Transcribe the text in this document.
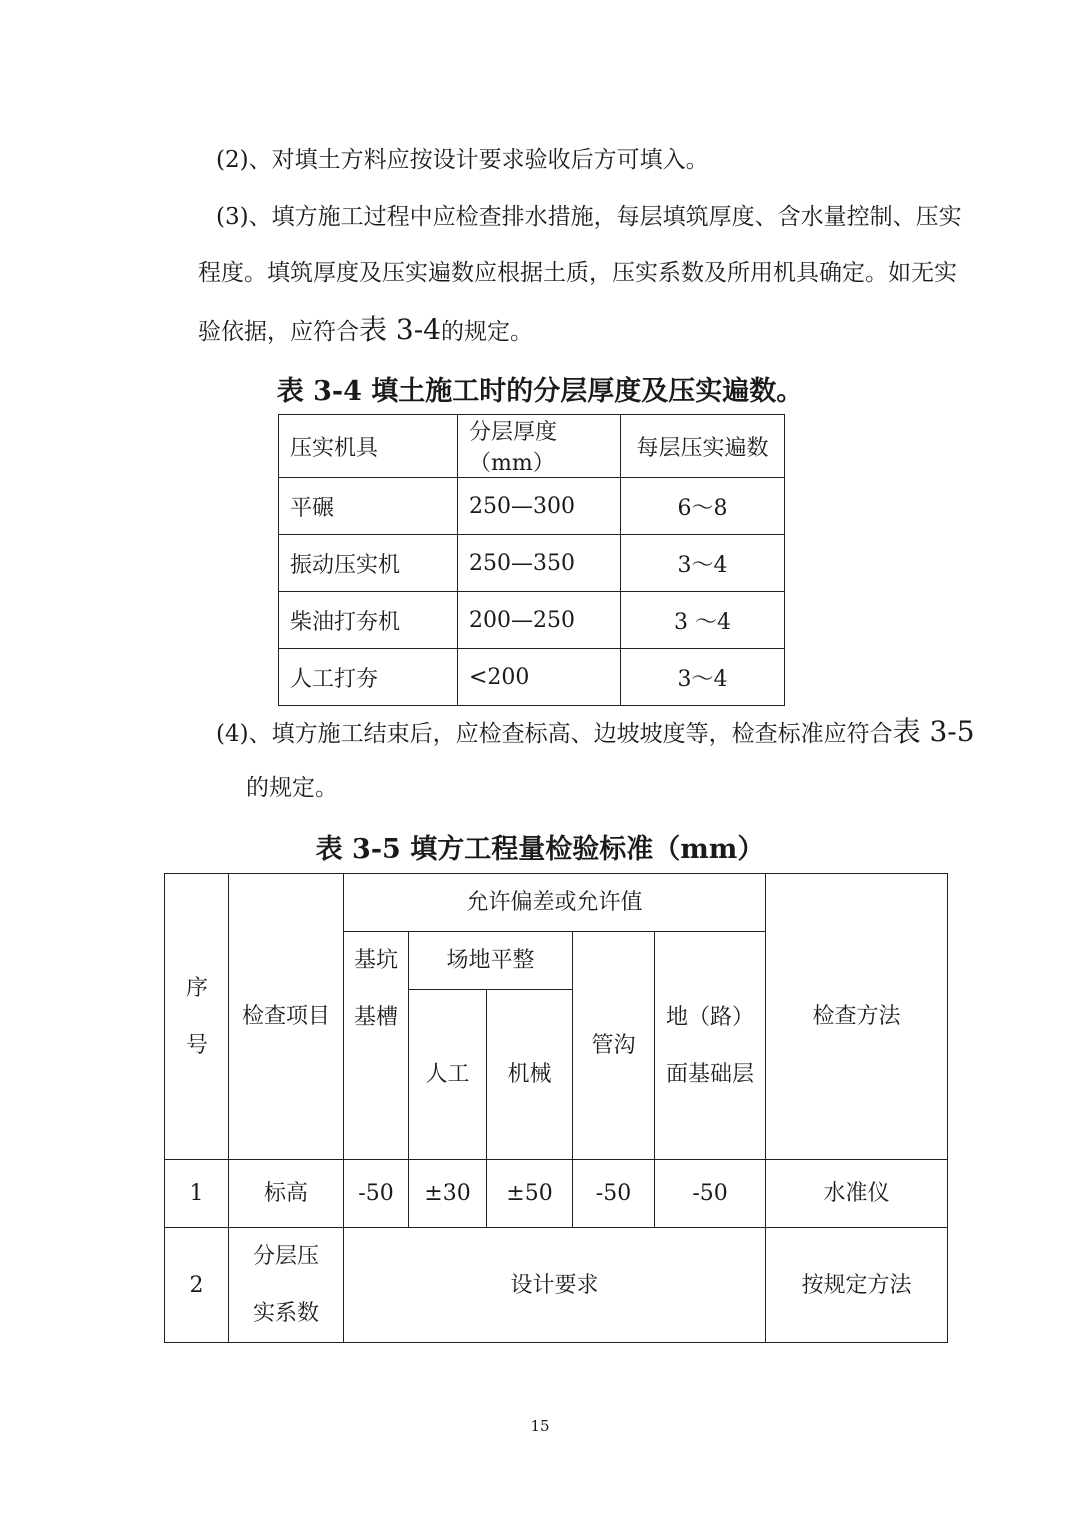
(2)、对填土方料应按设计要求验收后方可填入。

(3)、填方施工过程中应检查排水措施，每层填筑厚度、含水量控制、压实

程度。填筑厚度及压实遍数应根据土质，压实系数及所用机具确定。如无实

验依据，应符合表 3-4的规定。

表 3-4 填土施工时的分层厚度及压实遍数。
压实机具	分层厚度（mm）	每层压实遍数
平碾	250—300	6～8
振动压实机	250—350	3～4
柴油打夯机	200—250	3 ～4
人工打夯	<200	3～4

(4)、填方施工结束后，应检查标高、边坡坡度等，检查标准应符合表 3-5

的规定。

表 3-5 填方工程量检验标准（mm）
序号	检查项目	允许偏差或允许值					检查方法
		基坑基槽	场地平整		管沟	地（路）面基础层	
			人工	机械			
1	标高	-50	±30	±50	-50	-50	水准仪
2	分层压实系数	设计要求					按规定方法
15
